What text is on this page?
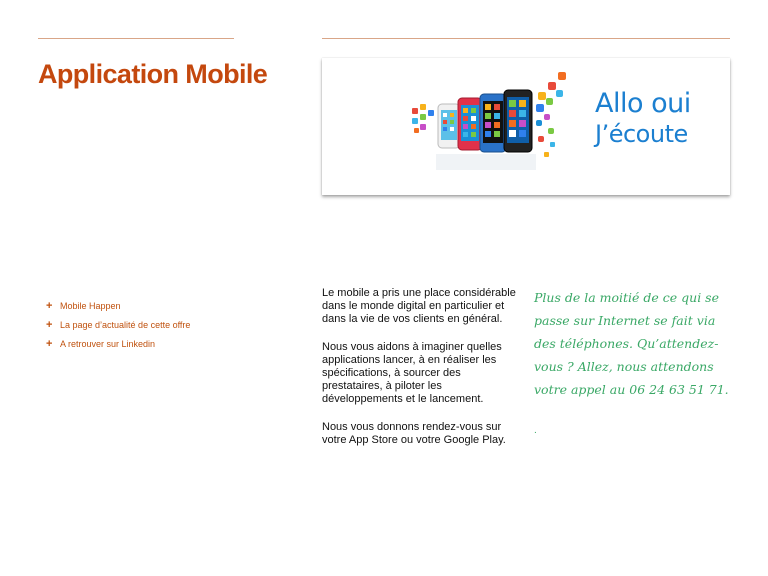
Application Mobile
Allo oui
J’écoute
+ Mobile Happen
+ La page d’actualité de cette offre
+ A retrouver sur Linkedin

Le mobile a pris une place considérable dans le monde digital en particulier et dans la vie de vos clients en général.

Nous vous aidons à imaginer quelles applications lancer, à en réaliser les spécifications, à sourcer des prestataires, à piloter les développements et le lancement.

Nous vous donnons rendez-vous sur votre App Store ou votre Google Play.

Plus de la moitié de ce qui se passe sur Internet se fait via des téléphones. Qu’attendez-vous ? Allez, nous attendons votre appel au 06 24 63 51 71.

.
